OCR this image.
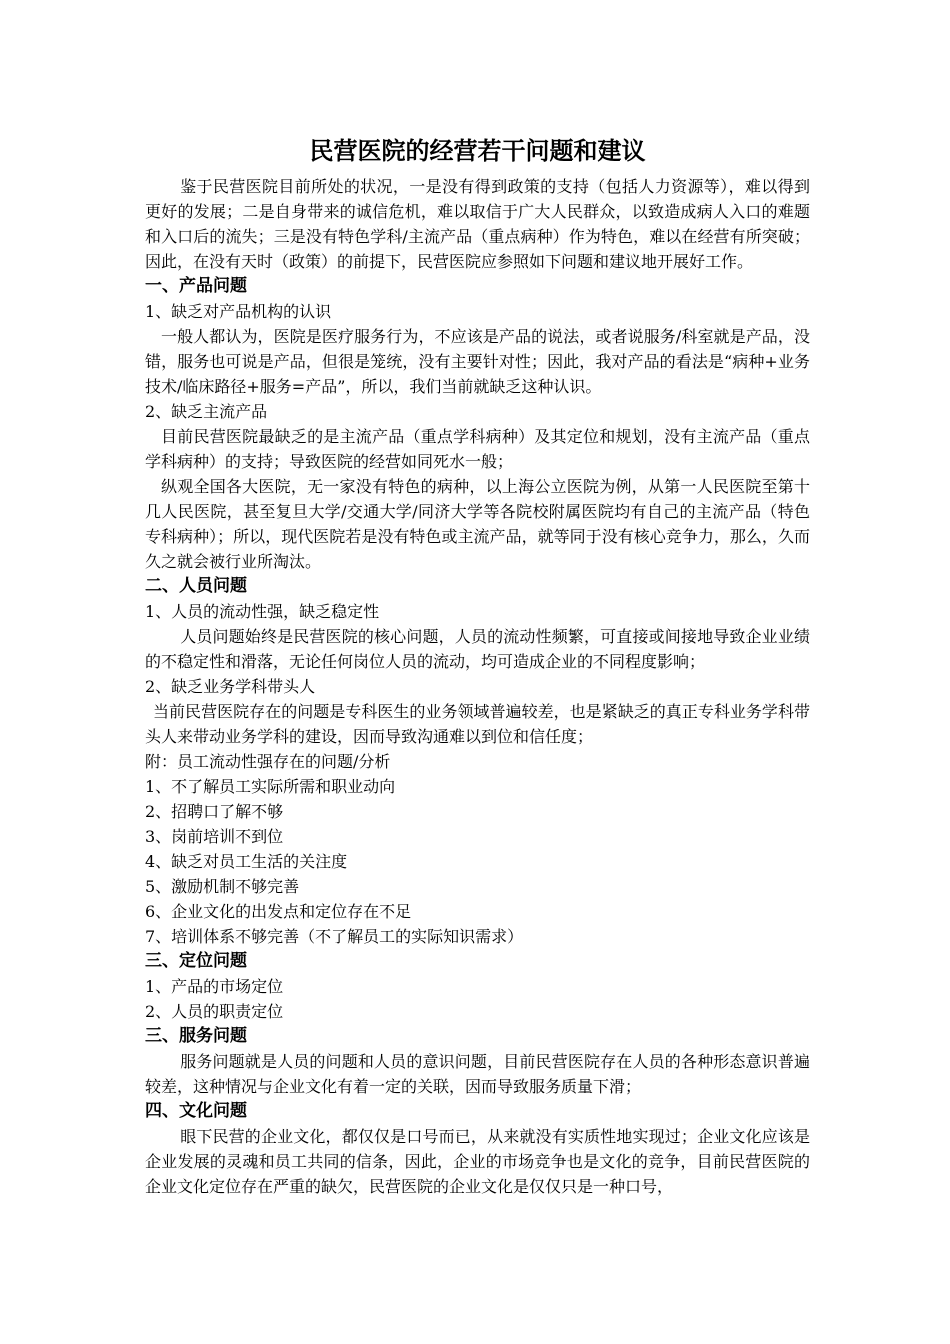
民营医院的经营若干问题和建议

鉴于民营医院目前所处的状况，一是没有得到政策的支持（包括人力资源等），难以得到更好的发展；二是自身带来的诚信危机，难以取信于广大人民群众，以致造成病人入口的难题和入口后的流失；三是没有特色学科/主流产品（重点病种）作为特色，难以在经营有所突破；因此，在没有天时（政策）的前提下，民营医院应参照如下问题和建议地开展好工作。

一、产品问题

1、缺乏对产品机构的认识

一般人都认为，医院是医疗服务行为，不应该是产品的说法，或者说服务/科室就是产品，没错，服务也可说是产品，但很是笼统，没有主要针对性；因此，我对产品的看法是“病种+业务技术/临床路径+服务=产品”，所以，我们当前就缺乏这种认识。

2、缺乏主流产品

目前民营医院最缺乏的是主流产品（重点学科病种）及其定位和规划，没有主流产品（重点学科病种）的支持；导致医院的经营如同死水一般；

纵观全国各大医院，无一家没有特色的病种，以上海公立医院为例，从第一人民医院至第十几人民医院，甚至复旦大学/交通大学/同济大学等各院校附属医院均有自己的主流产品（特色专科病种）；所以，现代医院若是没有特色或主流产品，就等同于没有核心竞争力，那么，久而久之就会被行业所淘汰。

二、人员问题

1、人员的流动性强，缺乏稳定性

人员问题始终是民营医院的核心问题，人员的流动性频繁，可直接或间接地导致企业业绩的不稳定性和滑落，无论任何岗位人员的流动，均可造成企业的不同程度影响；

2、缺乏业务学科带头人

当前民营医院存在的问题是专科医生的业务领域普遍较差，也是紧缺乏的真正专科业务学科带头人来带动业务学科的建设，因而导致沟通难以到位和信任度；

附：员工流动性强存在的问题/分析

1、不了解员工实际所需和职业动向

2、招聘口了解不够

3、岗前培训不到位

4、缺乏对员工生活的关注度

5、激励机制不够完善

6、企业文化的出发点和定位存在不足

7、培训体系不够完善（不了解员工的实际知识需求）

三、定位问题

1、产品的市场定位

2、人员的职责定位

三、服务问题

服务问题就是人员的问题和人员的意识问题，目前民营医院存在人员的各种形态意识普遍较差，这种情况与企业文化有着一定的关联，因而导致服务质量下滑；

四、文化问题

眼下民营的企业文化，都仅仅是口号而已，从来就没有实质性地实现过；企业文化应该是企业发展的灵魂和员工共同的信条，因此，企业的市场竞争也是文化的竞争，目前民营医院的企业文化定位存在严重的缺欠，民营医院的企业文化是仅仅只是一种口号，
